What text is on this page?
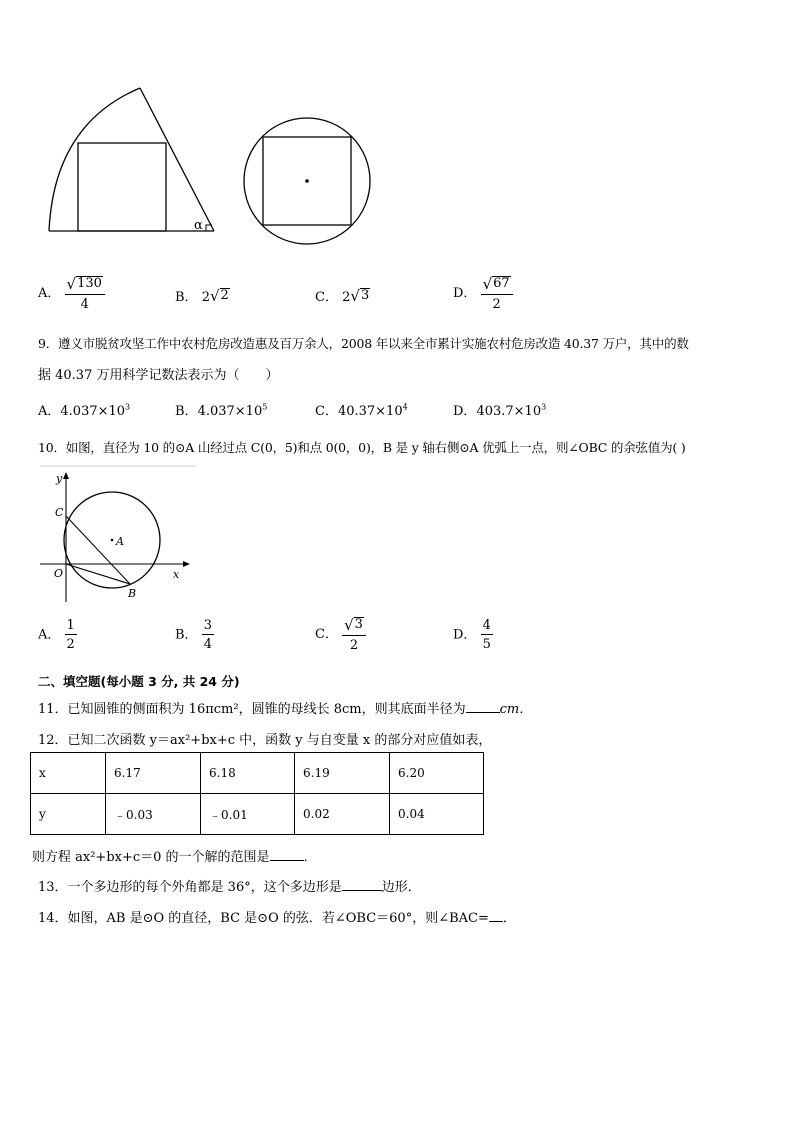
α
A． $\frac{√ 130}{4}$	B． 2 √ 2	C． 2 √ 3	D． $\frac{√ 67}{2}$
9．遵义市脱贫攻坚工作中农村危房改造惠及百万余人，2008 年以来全市累计实施农村危房改造 40.37 万户，其中的数
据 40.37 万用科学记数法表示为（　　）
A．$4.037\times 10^3$	B．$4.037\times 10^5$	C．$40.37\times 10^4$	D．$403.7\times 10^3$
10．如图，直径为 10 的⊙A 山经过点 C(0，5)和点 0(0，0)，B 是 y 轴右侧⊙A 优弧上一点，则∠OBC 的余弦值为( )
y
C
A
O	x
B
A． $\frac{1}{2}$	B． $\frac{3}{4}$	C． $\frac{√ 3}{2}$	D． $\frac{4}{5}$
二、填空题(每小题 3 分, 共 24 分)
11．已知圆锥的侧面积为 16πcm²，圆锥的母线长 8cm，则其底面半径为	cm．
12．已知二次函数 y＝ax²+bx+c 中，函数 y 与自变量 x 的部分对应值如表，
x	6.17	6.18	6.19	6.20
y	﹣0.03	﹣0.01	0.02	0.04
则方程 ax²+bx+c＝0 的一个解的范围是	．
13．一个多边形的每个外角都是 36°，这个多边形是	边形．
14．如图，AB 是⊙O 的直径，BC 是⊙O 的弦．若∠OBC＝60°，则∠BAC= ．
